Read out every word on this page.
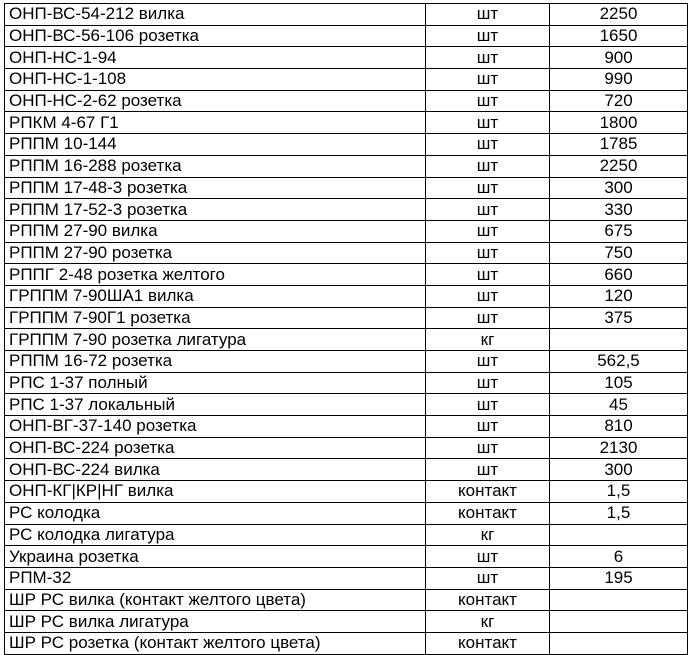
ОНП-ВС-54-212 вилка	шт	2250
ОНП-ВС-56-106 розетка	шт	1650
ОНП-НС-1-94	шт	900
ОНП-НС-1-108	шт	990
ОНП-НС-2-62 розетка	шт	720
РПКМ 4-67 Г1	шт	1800
РППМ 10-144	шт	1785
РППМ 16-288 розетка	шт	2250
РППМ 17-48-3 розетка	шт	300
РППМ 17-52-3 розетка	шт	330
РППМ 27-90 вилка	шт	675
РППМ 27-90 розетка	шт	750
РППГ 2-48 розетка желтого	шт	660
ГРППМ 7-90ША1 вилка	шт	120
ГРППМ 7-90Г1 розетка	шт	375
ГРППМ 7-90 розетка лигатура	кг	
РППМ 16-72 розетка	шт	562,5
РПС 1-37 полный	шт	105
РПС 1-37 локальный	шт	45
ОНП-ВГ-37-140 розетка	шт	810
ОНП-ВС-224 розетка	шт	2130
ОНП-ВС-224 вилка	шт	300
ОНП-КГ|КР|НГ вилка	контакт	1,5
РС колодка	контакт	1,5
РС колодка лигатура	кг	
Украина розетка	шт	6
РПМ-32	шт	195
ШР РС вилка (контакт желтого цвета)	контакт	
ШР РС вилка лигатура	кг	
ШР РС розетка (контакт желтого цвета)	контакт	
